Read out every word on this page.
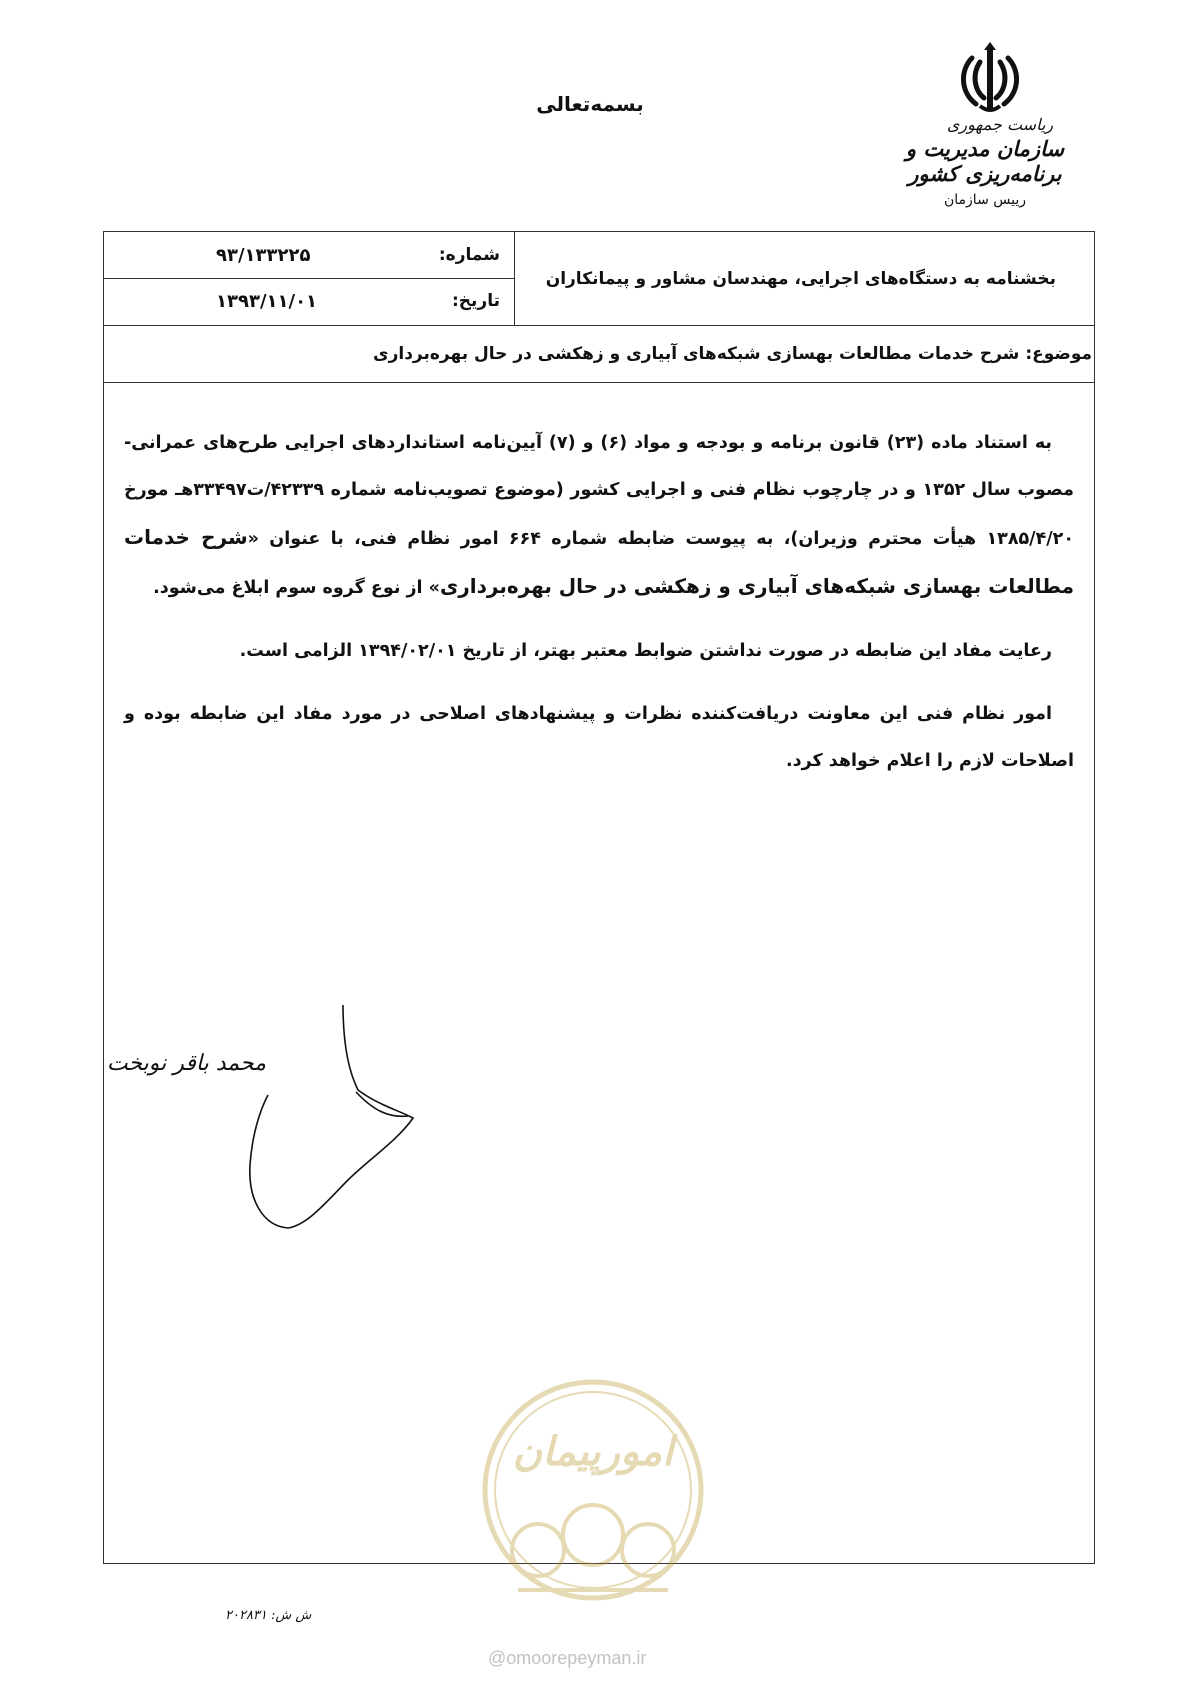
بسمه‌تعالی
ریاست جمهوری
سازمان مدیریت و برنامه‌ریزی کشور
رییس سازمان
بخشنامه به دستگاه‌های اجرایی، مهندسان مشاور و پیمانکاران
شماره:
۹۳/۱۳۳۲۲۵
تاریخ:
۱۳۹۳/۱۱/۰۱
موضوع: شرح خدمات مطالعات بهسازی شبکه‌های آبیاری و زهکشی در حال بهره‌برداری

به استناد ماده (۲۳) قانون برنامه و بودجه و مواد (۶) و (۷) آیین‌نامه استانداردهای اجرایی طرح‌های عمرانی- مصوب سال ۱۳۵۲ و در چارچوب نظام فنی و اجرایی کشور (موضوع تصویب‌نامه شماره ۴۲۳۳۹/ت۳۳۴۹۷هـ مورخ ۱۳۸۵/۴/۲۰ هیأت محترم وزیران)، به پیوست ضابطه شماره ۶۶۴ امور نظام فنی، با عنوان «شرح خدمات مطالعات بهسازی شبکه‌های آبیاری و زهکشی در حال بهره‌برداری» از نوع گروه سوم ابلاغ می‌شود.

رعایت مفاد این ضابطه در صورت نداشتن ضوابط معتبر بهتر، از تاریخ ۱۳۹۴/۰۲/۰۱ الزامی است.

امور نظام فنی این معاونت دریافت‌کننده نظرات و پیشنهادهای اصلاحی در مورد مفاد این ضابطه بوده و اصلاحات لازم را اعلام خواهد کرد.

محمد باقر نوبخت
امورپیمان
ش ش: ۲۰۲۸۳۱
@omoorepeyman.ir
